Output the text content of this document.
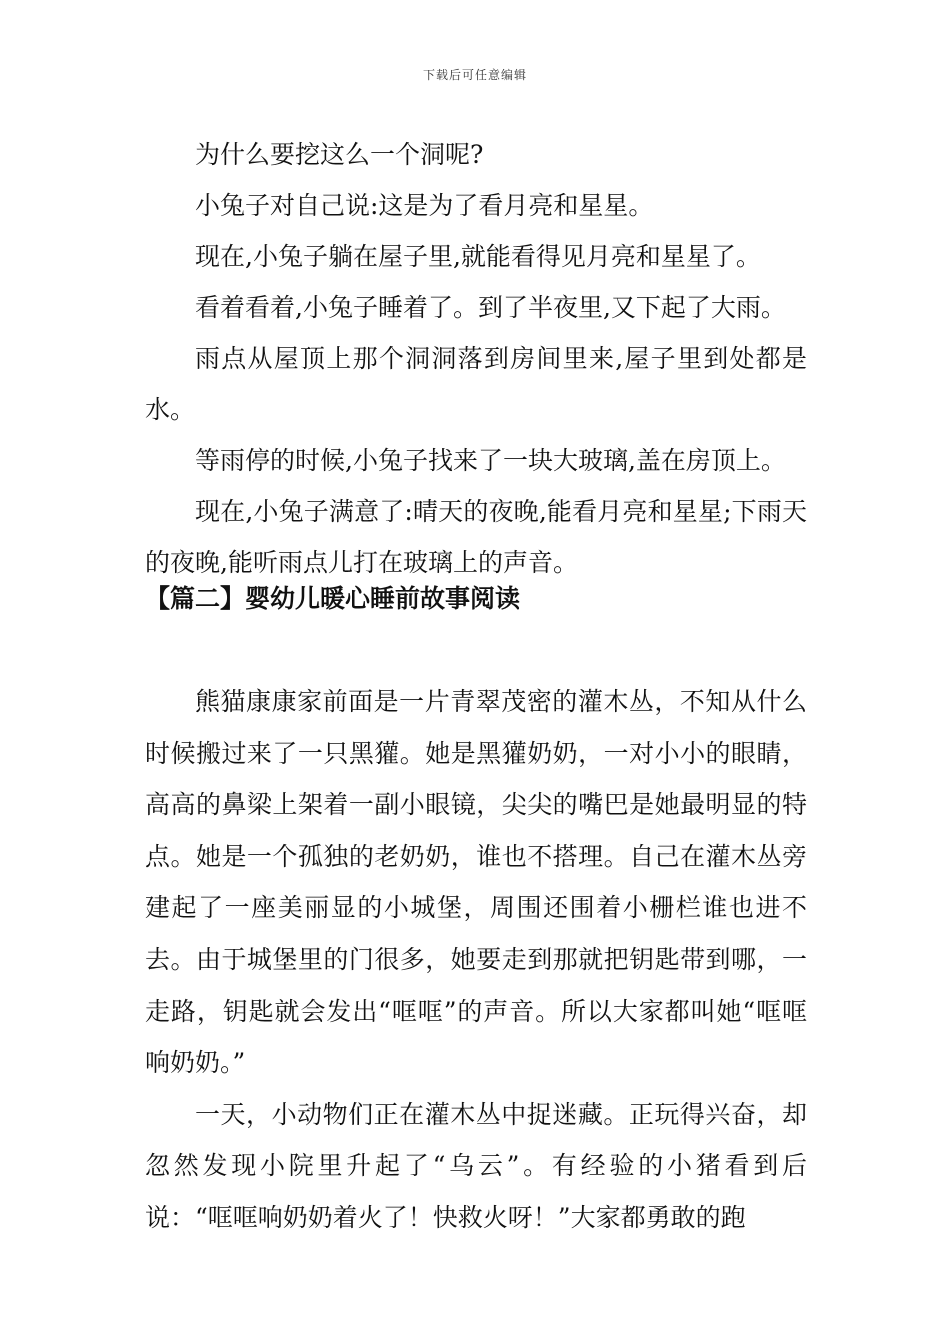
下载后可任意编辑

为什么要挖这么一个洞呢?

小兔子对自己说:这是为了看月亮和星星。

现在,小兔子躺在屋子里,就能看得见月亮和星星了。

看着看着,小兔子睡着了。到了半夜里,又下起了大雨。

雨点从屋顶上那个洞洞落到房间里来,屋子里到处都是水。

等雨停的时候,小兔子找来了一块大玻璃,盖在房顶上。

现在,小兔子满意了:晴天的夜晚,能看月亮和星星;下雨天的夜晚,能听雨点儿打在玻璃上的声音。

【篇二】婴幼儿暖心睡前故事阅读

熊猫康康家前面是一片青翠茂密的灌木丛，不知从什么时候搬过来了一只黑獾。她是黑獾奶奶，一对小小的眼睛，高高的鼻梁上架着一副小眼镜，尖尖的嘴巴是她最明显的特点。她是一个孤独的老奶奶，谁也不搭理。自己在灌木丛旁建起了一座美丽显的小城堡，周围还围着小栅栏谁也进不去。由于城堡里的门很多，她要走到那就把钥匙带到哪，一走路，钥匙就会发出“哐哐”的声音。所以大家都叫她“哐哐响奶奶。”

一天，小动物们正在灌木丛中捉迷藏。正玩得兴奋，却忽然发现小院里升起了“乌云”。有经验的小猪看到后说：“哐哐响奶奶着火了！快救火呀！”大家都勇敢的跑
